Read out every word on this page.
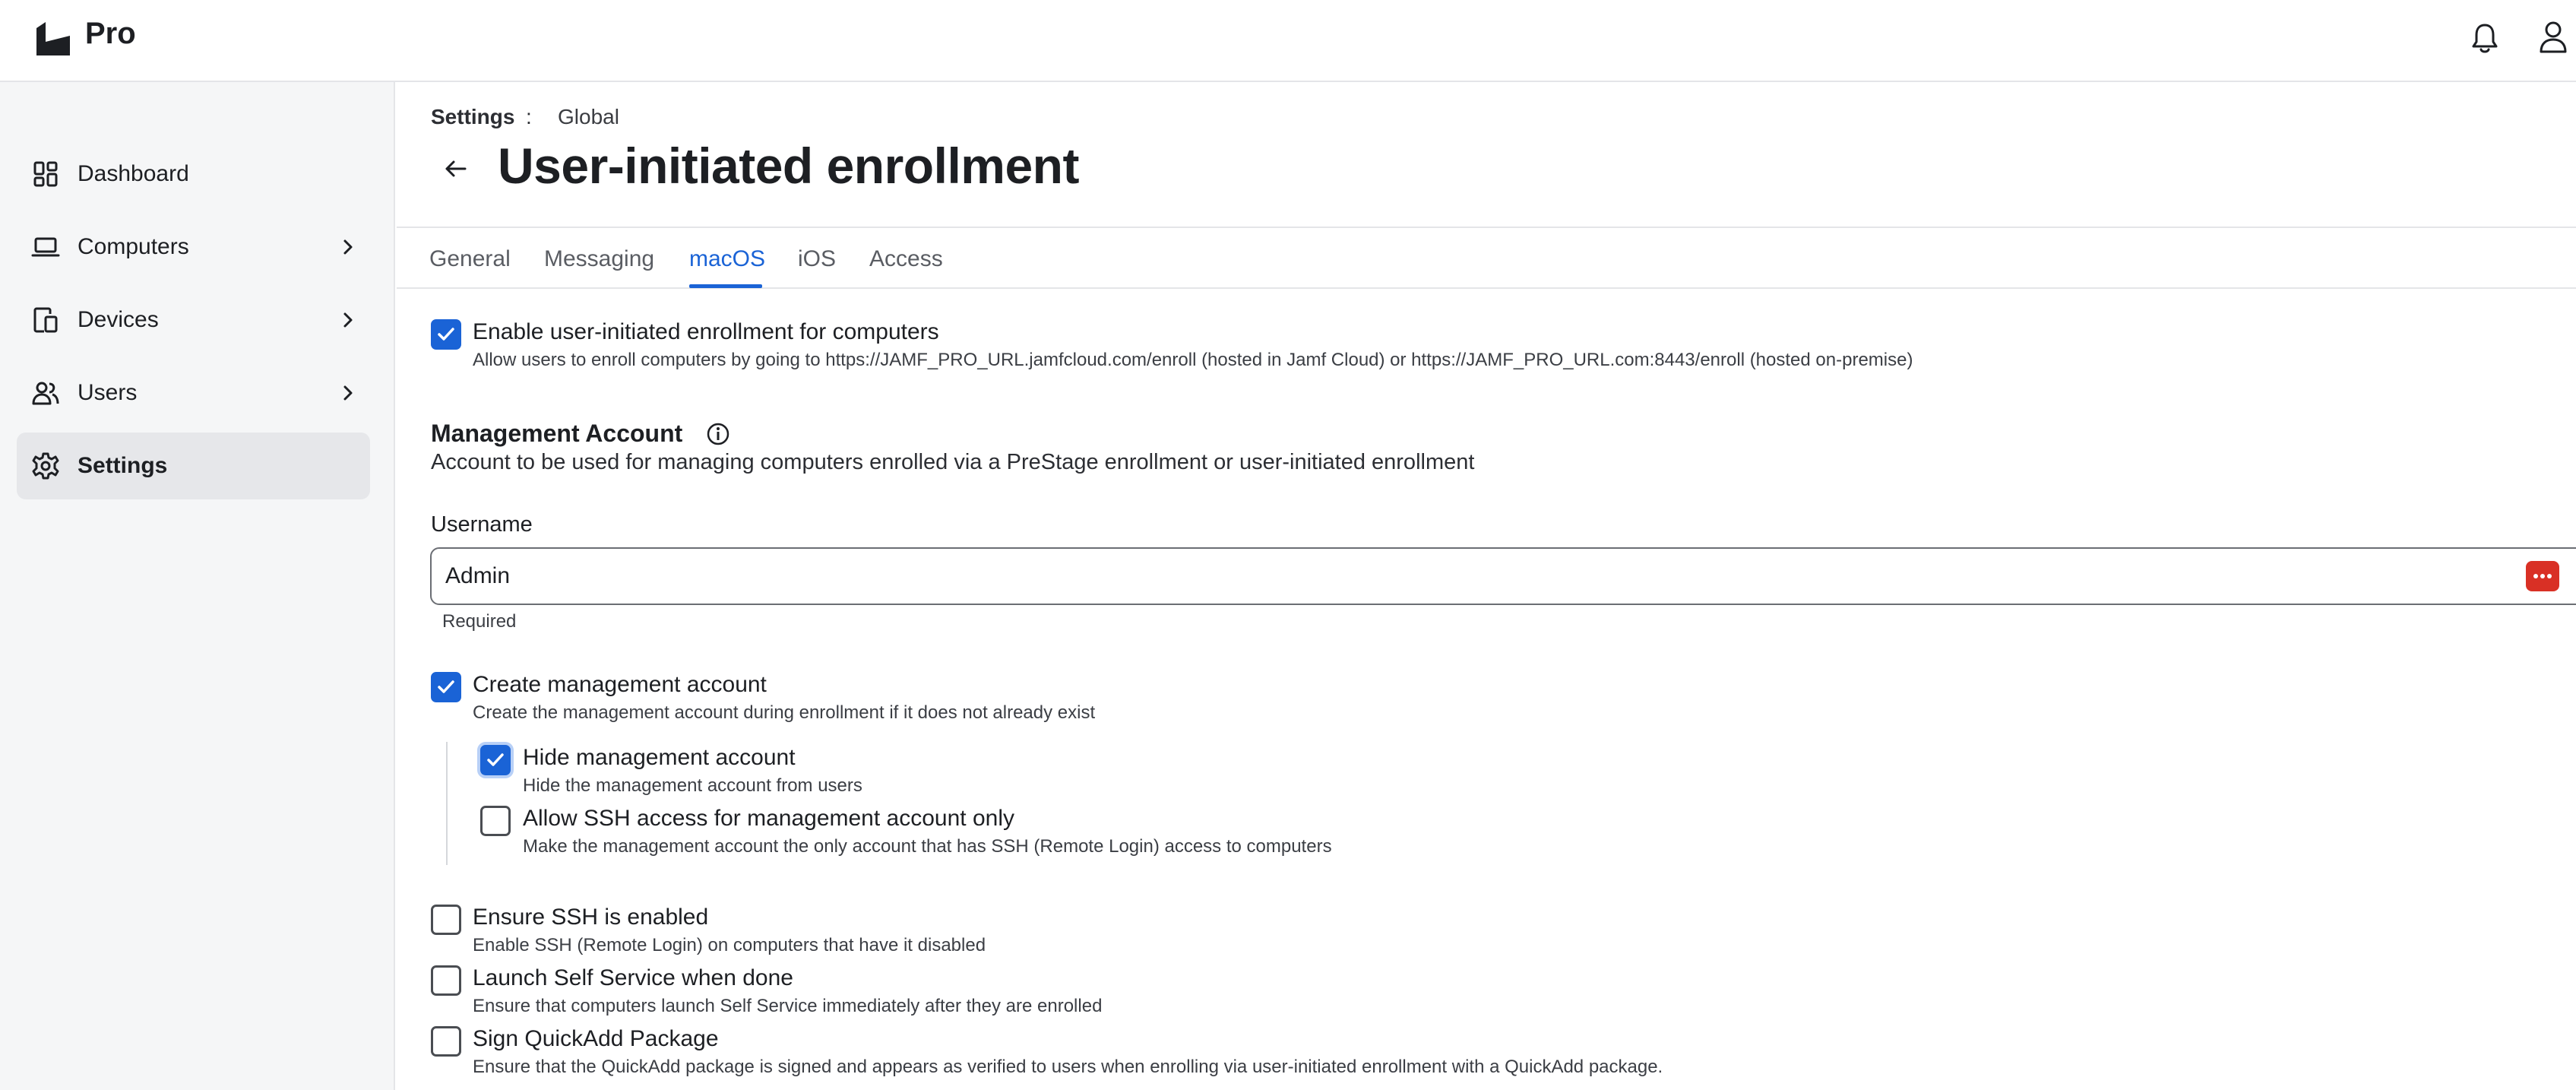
Pro
Dashboard
Computers
Devices
Users
Settings
Settings : Global
User-initiated enrollment
General Messaging macOS iOS Access
Enable user-initiated enrollment for computers
Allow users to enroll computers by going to https://JAMF_PRO_URL.jamfcloud.com/enroll (hosted in Jamf Cloud) or https://JAMF_PRO_URL.com:8443/enroll (hosted on-premise)
Management Account

Account to be used for managing computers enrolled via a PreStage enrollment or user-initiated enrollment

Username
Admin
Required
Create management account
Create the management account during enrollment if it does not already exist
Hide management account
Hide the management account from users
Allow SSH access for management account only
Make the management account the only account that has SSH (Remote Login) access to computers
Ensure SSH is enabled
Enable SSH (Remote Login) on computers that have it disabled
Launch Self Service when done
Ensure that computers launch Self Service immediately after they are enrolled
Sign QuickAdd Package
Ensure that the QuickAdd package is signed and appears as verified to users when enrolling via user-initiated enrollment with a QuickAdd package.
